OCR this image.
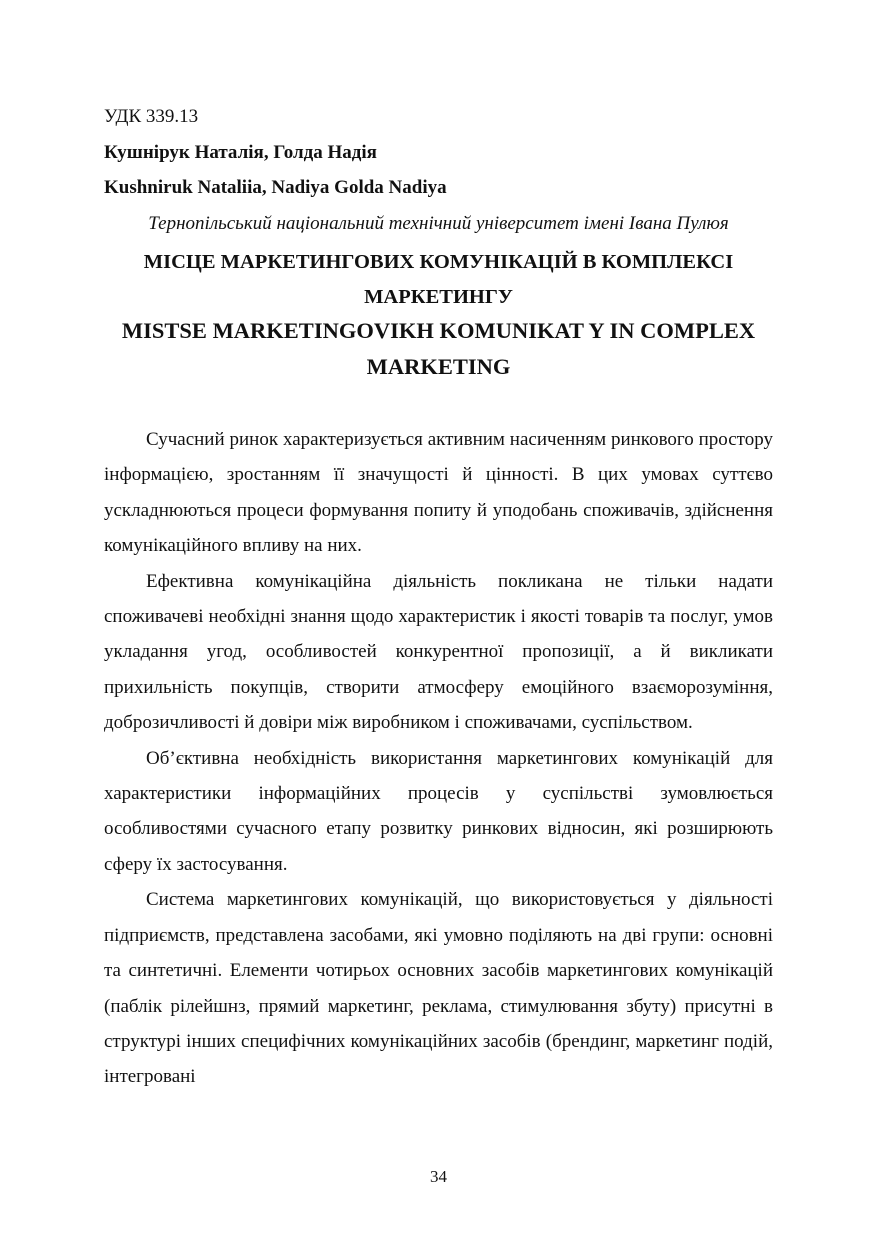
УДК 339.13
Кушнірук Наталія, Голда Надія
Kushniruk Nataliia, Nadiya Golda Nadiya
Тернопільський національний технічний університет імені Івана Пулюя
МІСЦЕ МАРКЕТИНГОВИХ КОМУНІКАЦІЙ В КОМПЛЕКСІ МАРКЕТИНГУ
MISTSE MARKETINGOVIKH KOMUNIKAT Y IN COMPLEX MARKETING

Сучасний ринок характеризується активним насиченням ринкового простору інформацією, зростанням її значущості й цінності. В цих умовах суттєво ускладнюються процеси формування попиту й уподобань споживачів, здійснення комунікаційного впливу на них.

Ефективна комунікаційна діяльність покликана не тільки надати споживачеві необхідні знання щодо характеристик і якості товарів та послуг, умов укладання угод, особливостей конкурентної пропозиції, а й викликати прихильність покупців, створити атмосферу емоційного взаєморозуміння, доброзичливості й довіри між виробником і споживачами, суспільством.

Об’єктивна необхідність використання маркетингових комунікацій для характеристики інформаційних процесів у суспільстві зумовлюється особливостями сучасного етапу розвитку ринкових відносин, які розширюють сферу їх застосування.

Система маркетингових комунікацій, що використовується у діяльності підприємств, представлена засобами, які умовно поділяють на дві групи: основні та синтетичні. Елементи чотирьох основних засобів маркетингових комунікацій (паблік рілейшнз, прямий маркетинг, реклама, стимулювання збуту) присутні в структурі інших специфічних комунікаційних засобів (брендинг, маркетинг подій, інтегровані

34
